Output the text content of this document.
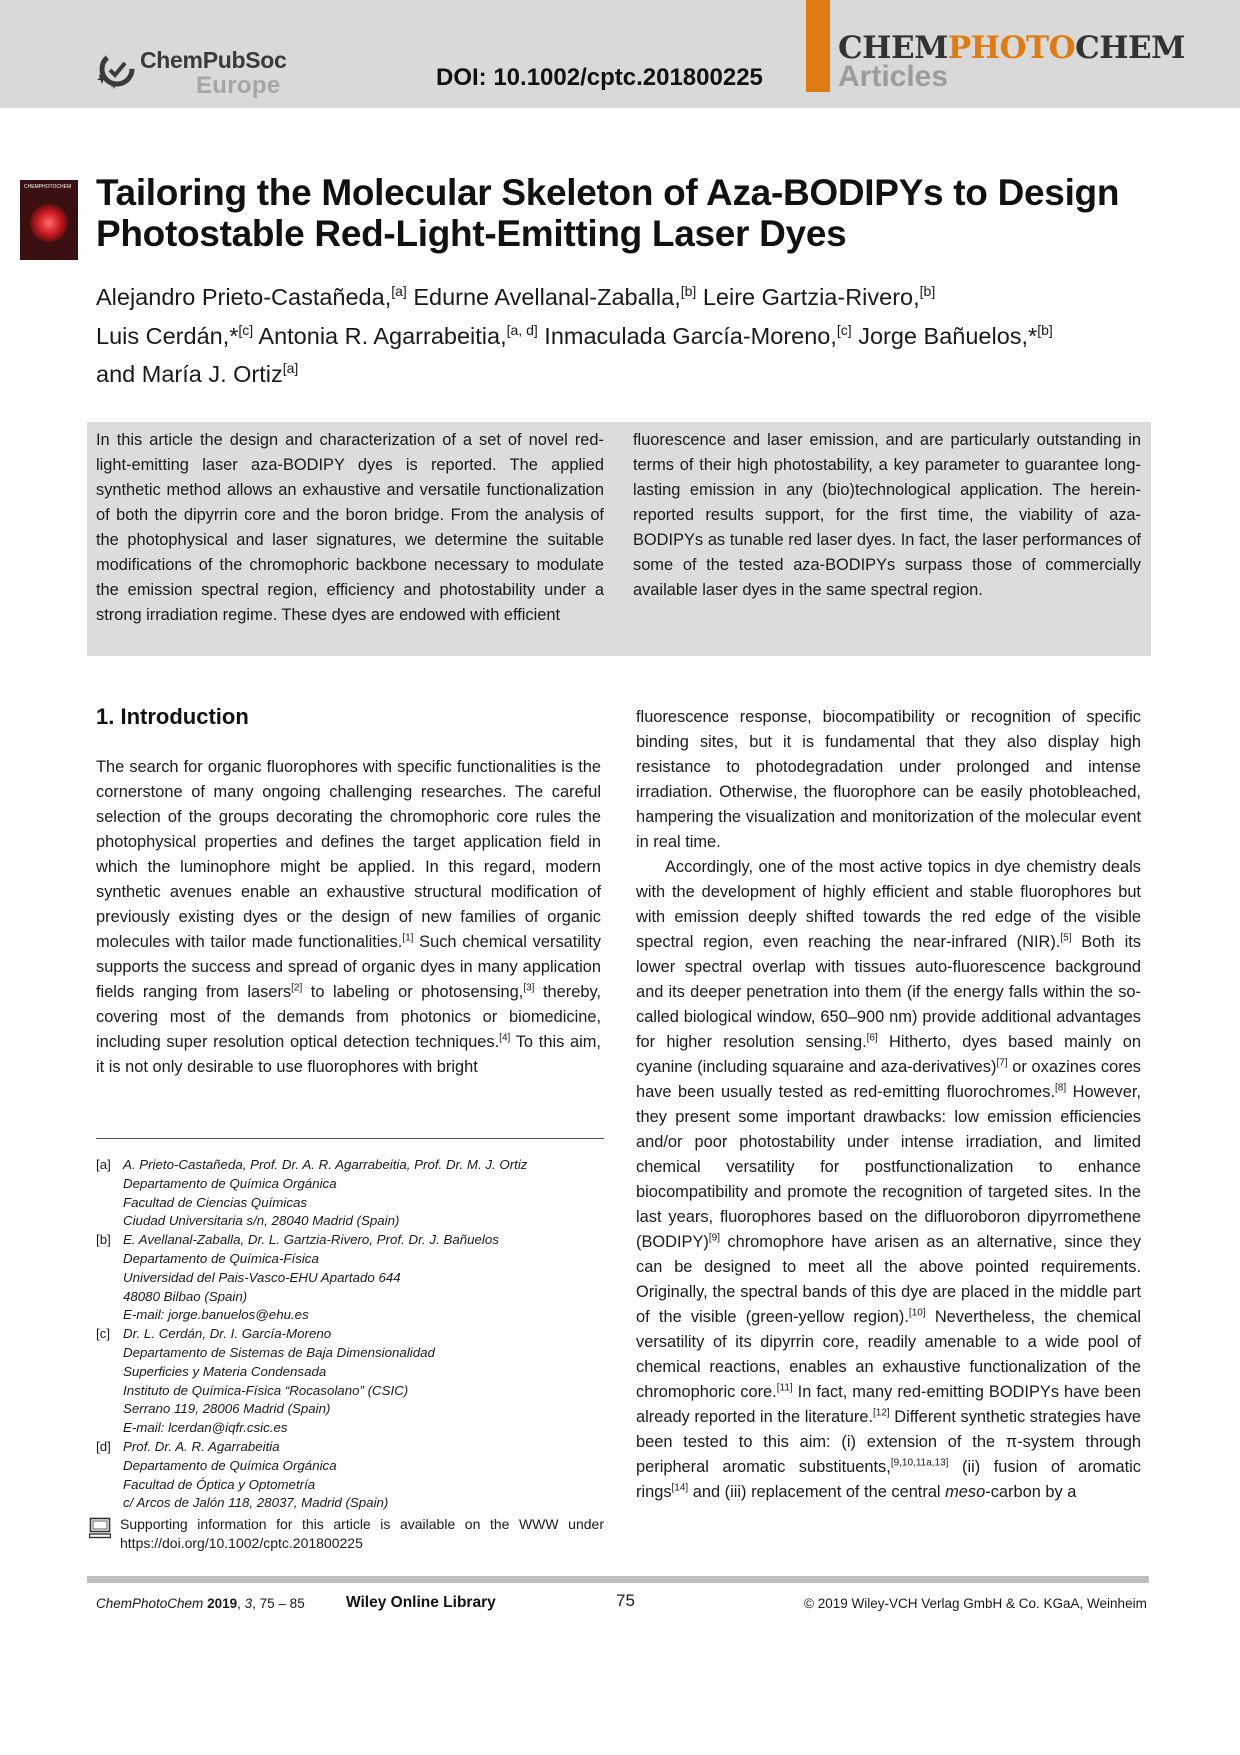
ChemPubSoc
Europe	DOI: 10.1002/cptc.201800225
CHEMPHOTOCHEM
Articles
CHEMPHOTOCHEM Tailoring the Molecular Skeleton of Aza-BODIPYs to Design Photostable Red-Light-Emitting Laser Dyes
Alejandro Prieto-Castañeda,[a] Edurne Avellanal-Zaballa,[b] Leire Gartzia-Rivero,[b]
Luis Cerdán,*[c] Antonia R. Agarrabeitia,[a, d] Inmaculada García-Moreno,[c] Jorge Bañuelos,*[b]
and María J. Ortiz[a]
In this article the design and characterization of a set of novel red-light-emitting laser aza-BODIPY dyes is reported. The applied synthetic method allows an exhaustive and versatile functionalization of both the dipyrrin core and the boron bridge. From the analysis of the photophysical and laser signatures, we determine the suitable modifications of the chromophoric backbone necessary to modulate the emission spectral region, efficiency and photostability under a strong irradiation regime. These dyes are endowed with efficient
fluorescence and laser emission, and are particularly outstanding in terms of their high photostability, a key parameter to guarantee long-lasting emission in any (bio)technological application. The herein-reported results support, for the first time, the viability of aza-BODIPYs as tunable red laser dyes. In fact, the laser performances of some of the tested aza-BODIPYs surpass those of commercially available laser dyes in the same spectral region.
1. Introduction

The search for organic fluorophores with specific functionalities is the cornerstone of many ongoing challenging researches. The careful selection of the groups decorating the chromophoric core rules the photophysical properties and defines the target application field in which the luminophore might be applied. In this regard, modern synthetic avenues enable an exhaustive structural modification of previously existing dyes or the design of new families of organic molecules with tailor made functionalities.[1] Such chemical versatility supports the success and spread of organic dyes in many application fields ranging from lasers[2] to labeling or photosensing,[3] thereby, covering most of the demands from photonics or biomedicine, including super resolution optical detection techniques.[4] To this aim, it is not only desirable to use fluorophores with bright

fluorescence response, biocompatibility or recognition of specific binding sites, but it is fundamental that they also display high resistance to photodegradation under prolonged and intense irradiation. Otherwise, the fluorophore can be easily photobleached, hampering the visualization and monitorization of the molecular event in real time.

Accordingly, one of the most active topics in dye chemistry deals with the development of highly efficient and stable fluorophores but with emission deeply shifted towards the red edge of the visible spectral region, even reaching the near-infrared (NIR).[5] Both its lower spectral overlap with tissues auto-fluorescence background and its deeper penetration into them (if the energy falls within the so-called biological window, 650–900 nm) provide additional advantages for higher resolution sensing.[6] Hitherto, dyes based mainly on cyanine (including squaraine and aza-derivatives)[7] or oxazines cores have been usually tested as red-emitting fluorochromes.[8] However, they present some important drawbacks: low emission efficiencies and/or poor photostability under intense irradiation, and limited chemical versatility for postfunctionalization to enhance biocompatibility and promote the recognition of targeted sites. In the last years, fluorophores based on the difluoroboron dipyrromethene (BODIPY)[9] chromophore have arisen as an alternative, since they can be designed to meet all the above pointed requirements. Originally, the spectral bands of this dye are placed in the middle part of the visible (green-yellow region).[10] Nevertheless, the chemical versatility of its dipyrrin core, readily amenable to a wide pool of chemical reactions, enables an exhaustive functionalization of the chromophoric core.[11] In fact, many red-emitting BODIPYs have been already reported in the literature.[12] Different synthetic strategies have been tested to this aim: (i) extension of the π-system through peripheral aromatic substituents,[9,10,11a,13] (ii) fusion of aromatic rings[14] and (iii) replacement of the central meso-carbon by a

[a] A. Prieto-Castañeda, Prof. Dr. A. R. Agarrabeitia, Prof. Dr. M. J. Ortiz
Departamento de Química Orgánica
Facultad de Ciencias Químicas
Ciudad Universitaria s/n, 28040 Madrid (Spain)
[b] E. Avellanal-Zaballa, Dr. L. Gartzia-Rivero, Prof. Dr. J. Bañuelos
Departamento de Química-Física
Universidad del Pais-Vasco-EHU Apartado 644
48080 Bilbao (Spain)
E-mail: jorge.banuelos@ehu.es
[c] Dr. L. Cerdán, Dr. I. García-Moreno
Departamento de Sistemas de Baja Dimensionalidad
Superficies y Materia Condensada
Instituto de Química-Física “Rocasolano” (CSIC)
Serrano 119, 28006 Madrid (Spain)
E-mail: lcerdan@iqfr.csic.es
[d] Prof. Dr. A. R. Agarrabeitia
Departamento de Química Orgánica
Facultad de Óptica y Optometría
c/ Arcos de Jalón 118, 28037, Madrid (Spain)
Supporting information for this article is available on the WWW under https://doi.org/10.1002/cptc.201800225
ChemPhotoChem 2019, 3, 75 – 85	Wiley Online Library	75	© 2019 Wiley-VCH Verlag GmbH & Co. KGaA, Weinheim
